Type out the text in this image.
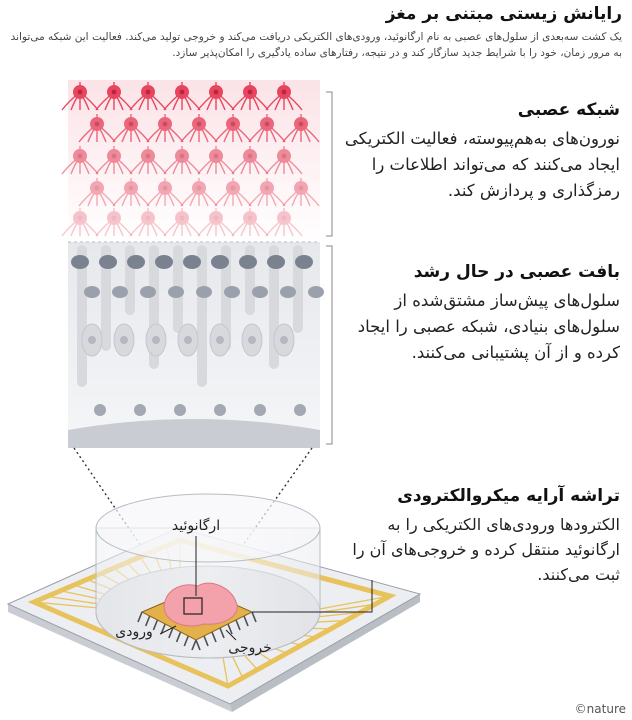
رایانش زیستی مبتنی بر مغز

یک کشت سه‌بعدی از سلول‌های عصبی به نام ارگانوئید، ورودی‌های الکتریکی دریافت می‌کند و خروجی تولید می‌کند. فعالیت این شبکه می‌تواند به مرور زمان، خود را با شرایط جدید سازگار کند و در نتیجه، رفتارهای ساده یادگیری را امکان‌پذیر سازد.

ارگانوئید
ورودی
خروجی
شبکه عصبی

نورون‌های به‌هم‌پیوسته، فعالیت الکتریکی ایجاد می‌کنند که می‌تواند اطلاعات را رمزگذاری و پردازش کند.

بافت عصبی در حال رشد

سلول‌های پیش‌ساز مشتق‌شده از سلول‌های بنیادی، شبکه عصبی را ایجاد کرده و از آن پشتیبانی می‌کنند.

تراشه آرایه میکروالکترودی

الکترودها ورودی‌های الکتریکی را به ارگانوئید منتقل کرده و خروجی‌های آن را ثبت می‌کنند.

©nature
